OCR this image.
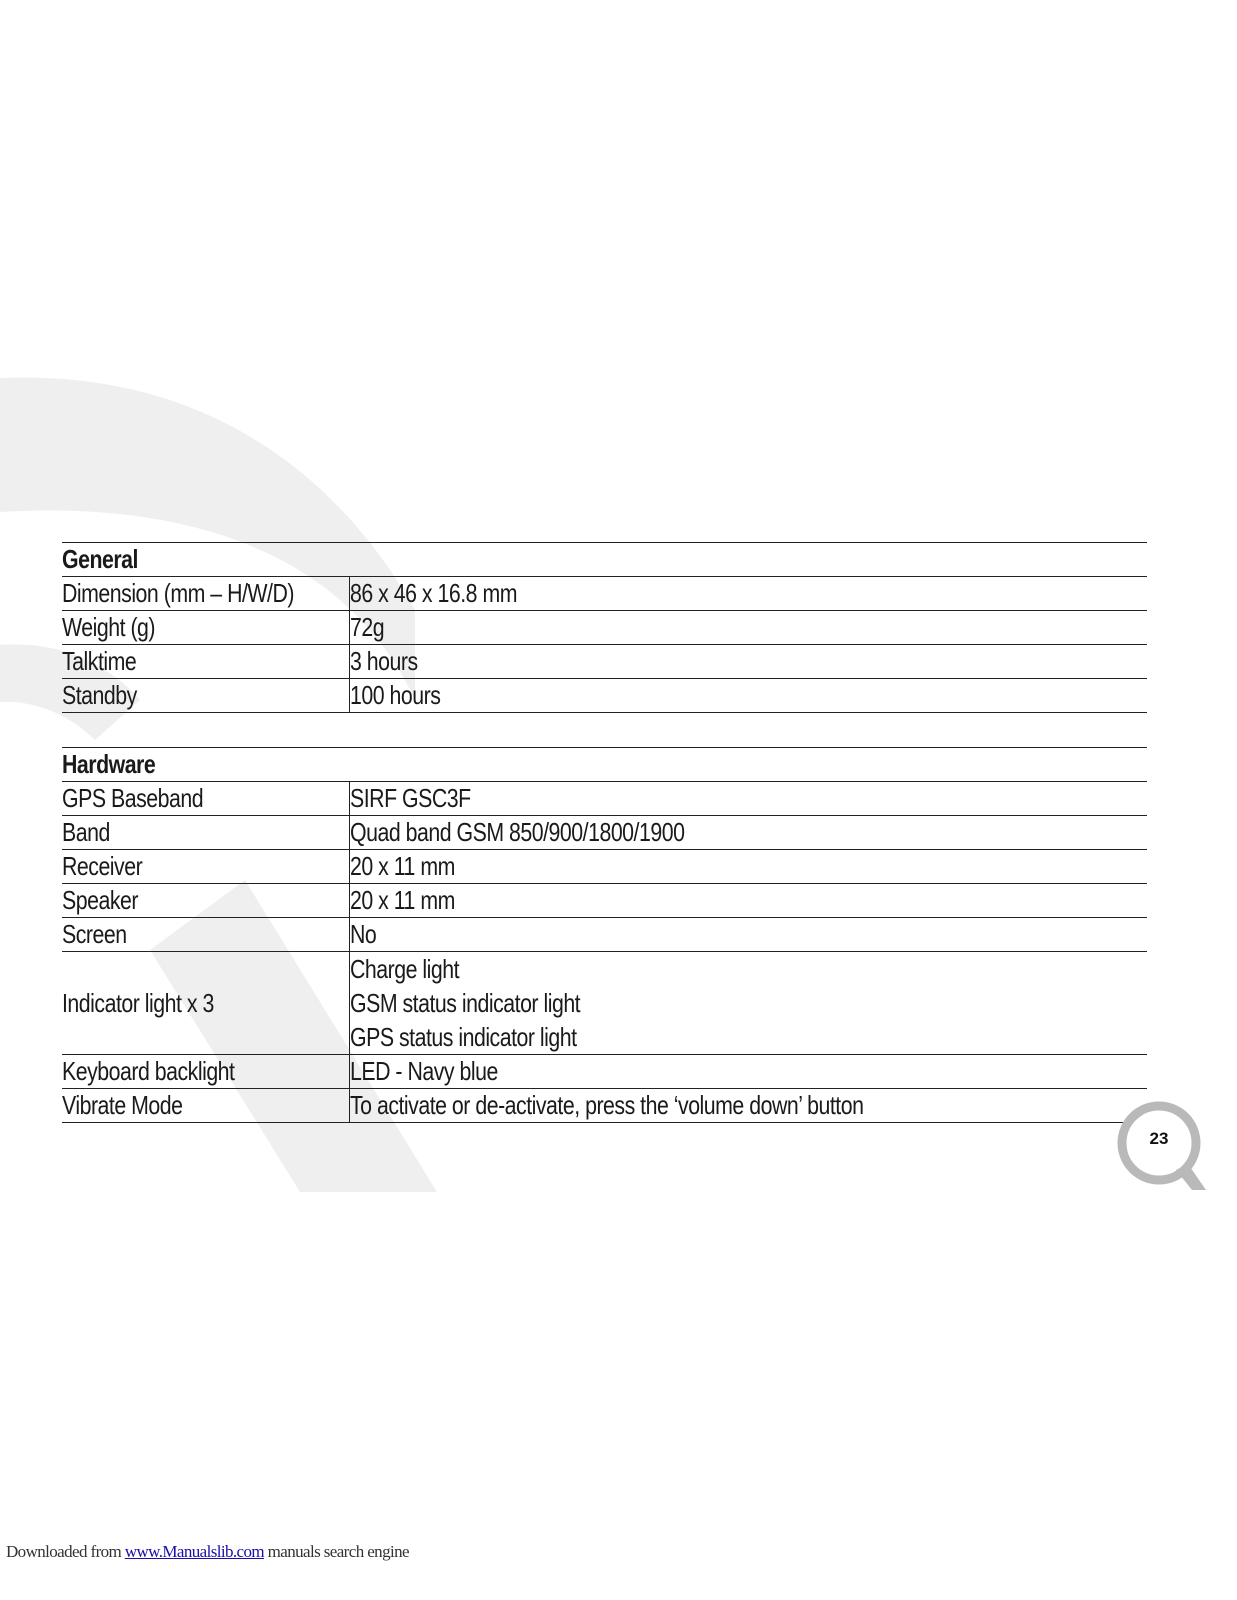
General	
Dimension (mm – H/W/D)	86 x 46 x 16.8 mm
Weight (g)	72g
Talktime	3 hours
Standby	100 hours
Hardware	
GPS Baseband	SIRF GSC3F
Band	Quad band GSM 850/900/1800/1900
Receiver	20 x 11 mm
Speaker	20 x 11 mm
Screen	No

Indicator light x 3	Charge light
GSM status indicator light
GPS status indicator light

Keyboard backlight	LED - Navy blue
Vibrate Mode	To activate or de-activate, press the ‘volume down’ button
23
Downloaded from www.Manualslib.com manuals search engine
